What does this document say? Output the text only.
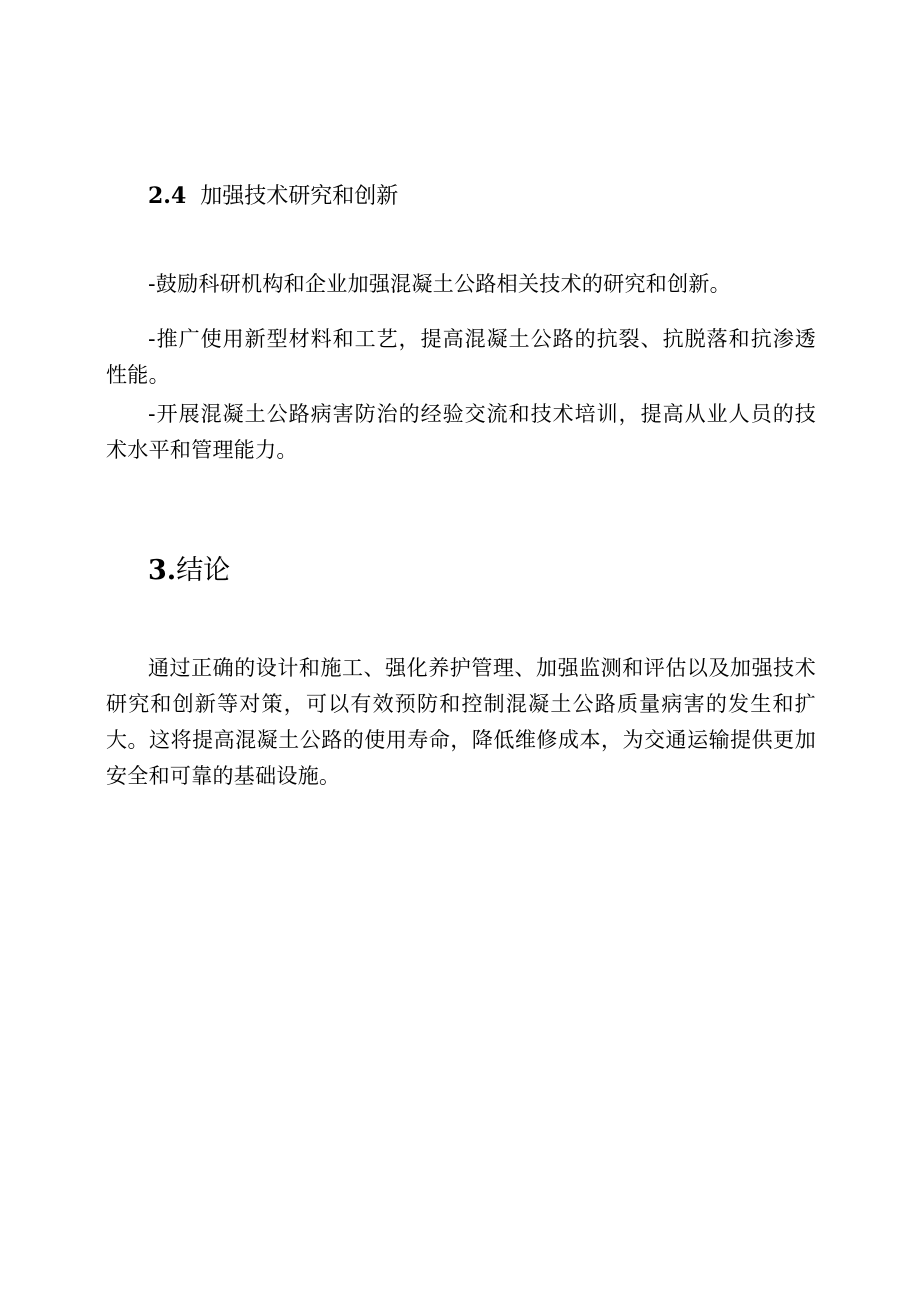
2.4 加强技术研究和创新

-鼓励科研机构和企业加强混凝土公路相关技术的研究和创新。

-推广使用新型材料和工艺，提高混凝土公路的抗裂、抗脱落和抗渗透性能。

-开展混凝土公路病害防治的经验交流和技术培训，提高从业人员的技术水平和管理能力。

3.结论

通过正确的设计和施工、强化养护管理、加强监测和评估以及加强技术研究和创新等对策，可以有效预防和控制混凝土公路质量病害的发生和扩大。这将提高混凝土公路的使用寿命，降低维修成本，为交通运输提供更加安全和可靠的基础设施。
